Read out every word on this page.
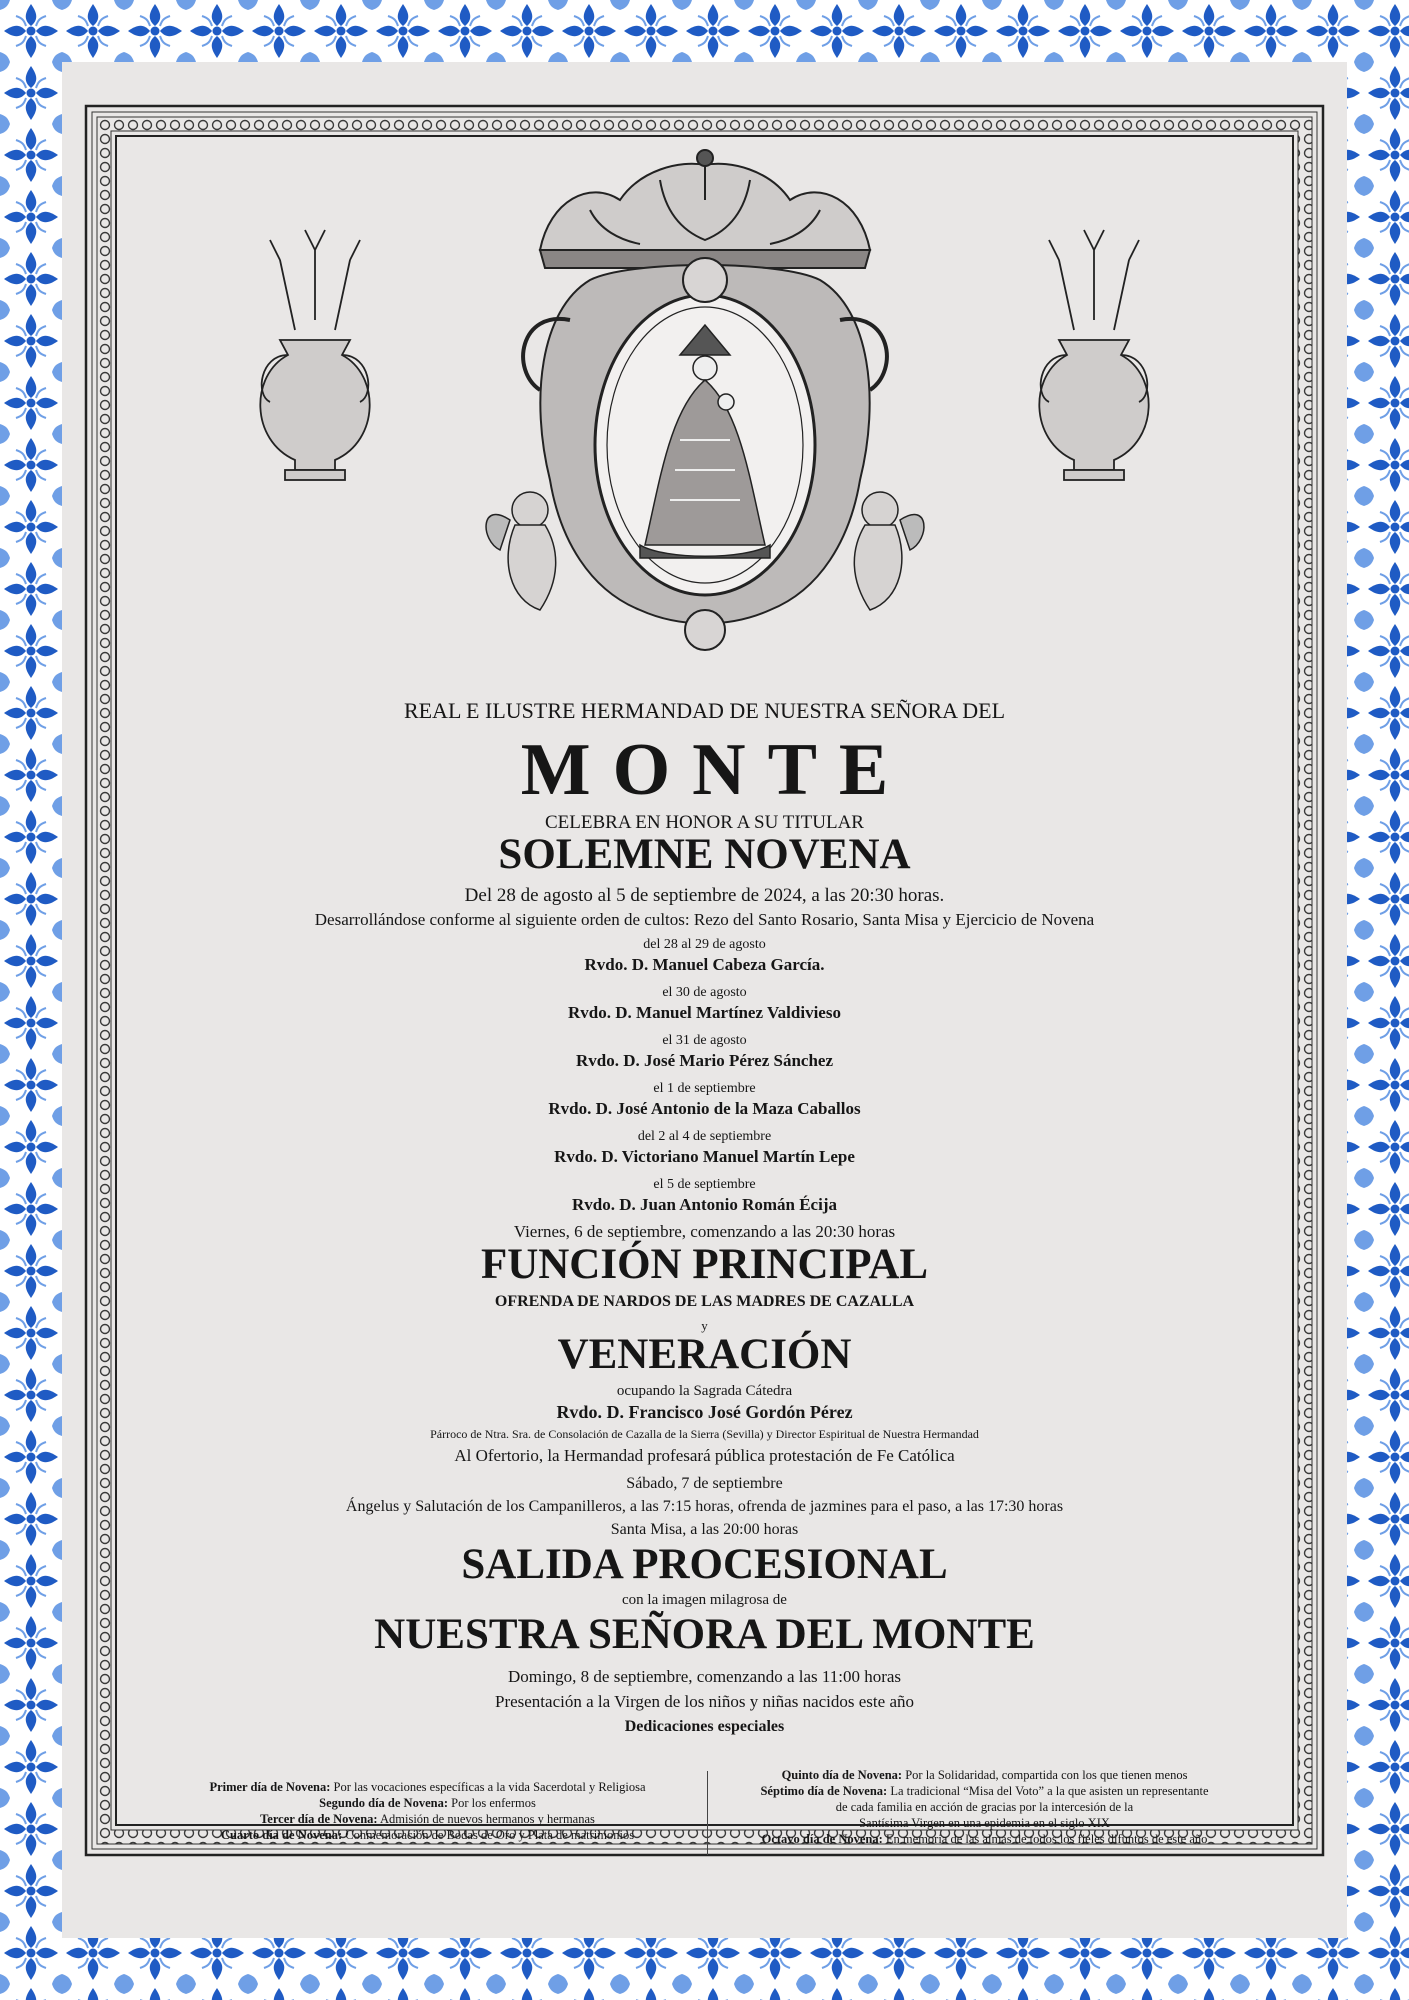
REAL E ILUSTRE HERMANDAD DE NUESTRA SEÑORA DEL
MONTE
CELEBRA EN HONOR A SU TITULAR
SOLEMNE NOVENA
Del 28 de agosto al 5 de septiembre de 2024, a las 20:30 horas.
Desarrollándose conforme al siguiente orden de cultos: Rezo del Santo Rosario, Santa Misa y Ejercicio de Novena
del 28 al 29 de agosto
Rvdo. D. Manuel Cabeza García.
el 30 de agosto
Rvdo. D. Manuel Martínez Valdivieso
el 31 de agosto
Rvdo. D. José Mario Pérez Sánchez
el 1 de septiembre
Rvdo. D. José Antonio de la Maza Caballos
del 2 al 4 de septiembre
Rvdo. D. Victoriano Manuel Martín Lepe
el 5 de septiembre
Rvdo. D. Juan Antonio Román Écija
Viernes, 6 de septiembre, comenzando a las 20:30 horas
FUNCIÓN PRINCIPAL
OFRENDA DE NARDOS DE LAS MADRES DE CAZALLA
y
VENERACIÓN
ocupando la Sagrada Cátedra
Rvdo. D. Francisco José Gordón Pérez
Párroco de Ntra. Sra. de Consolación de Cazalla de la Sierra (Sevilla) y Director Espiritual de Nuestra Hermandad
Al Ofertorio, la Hermandad profesará pública protestación de Fe Católica
Sábado, 7 de septiembre
Ángelus y Salutación de los Campanilleros, a las 7:15 horas, ofrenda de jazmines para el paso, a las 17:30 horas
Santa Misa, a las 20:00 horas
SALIDA PROCESIONAL
con la imagen milagrosa de
NUESTRA SEÑORA DEL MONTE
Domingo, 8 de septiembre, comenzando a las 11:00 horas
Presentación a la Virgen de los niños y niñas nacidos este año
Dedicaciones especiales
Primer día de Novena: Por las vocaciones específicas a la vida Sacerdotal y Religiosa
Segundo día de Novena: Por los enfermos
Tercer día de Novena: Admisión de nuevos hermanos y hermanas
Cuarto día de Novena: Conmemoración de Bodas de Oro y Plata de matrimonios
Quinto día de Novena: Por la Solidaridad, compartida con los que tienen menos
Séptimo día de Novena: La tradicional “Misa del Voto” a la que asisten un representante
de cada familia en acción de gracias por la intercesión de la
Santísima Virgen en una epidemia en el siglo XIX
Octavo día de Novena: En memoria de las almas de todos los fieles difuntos de este año
